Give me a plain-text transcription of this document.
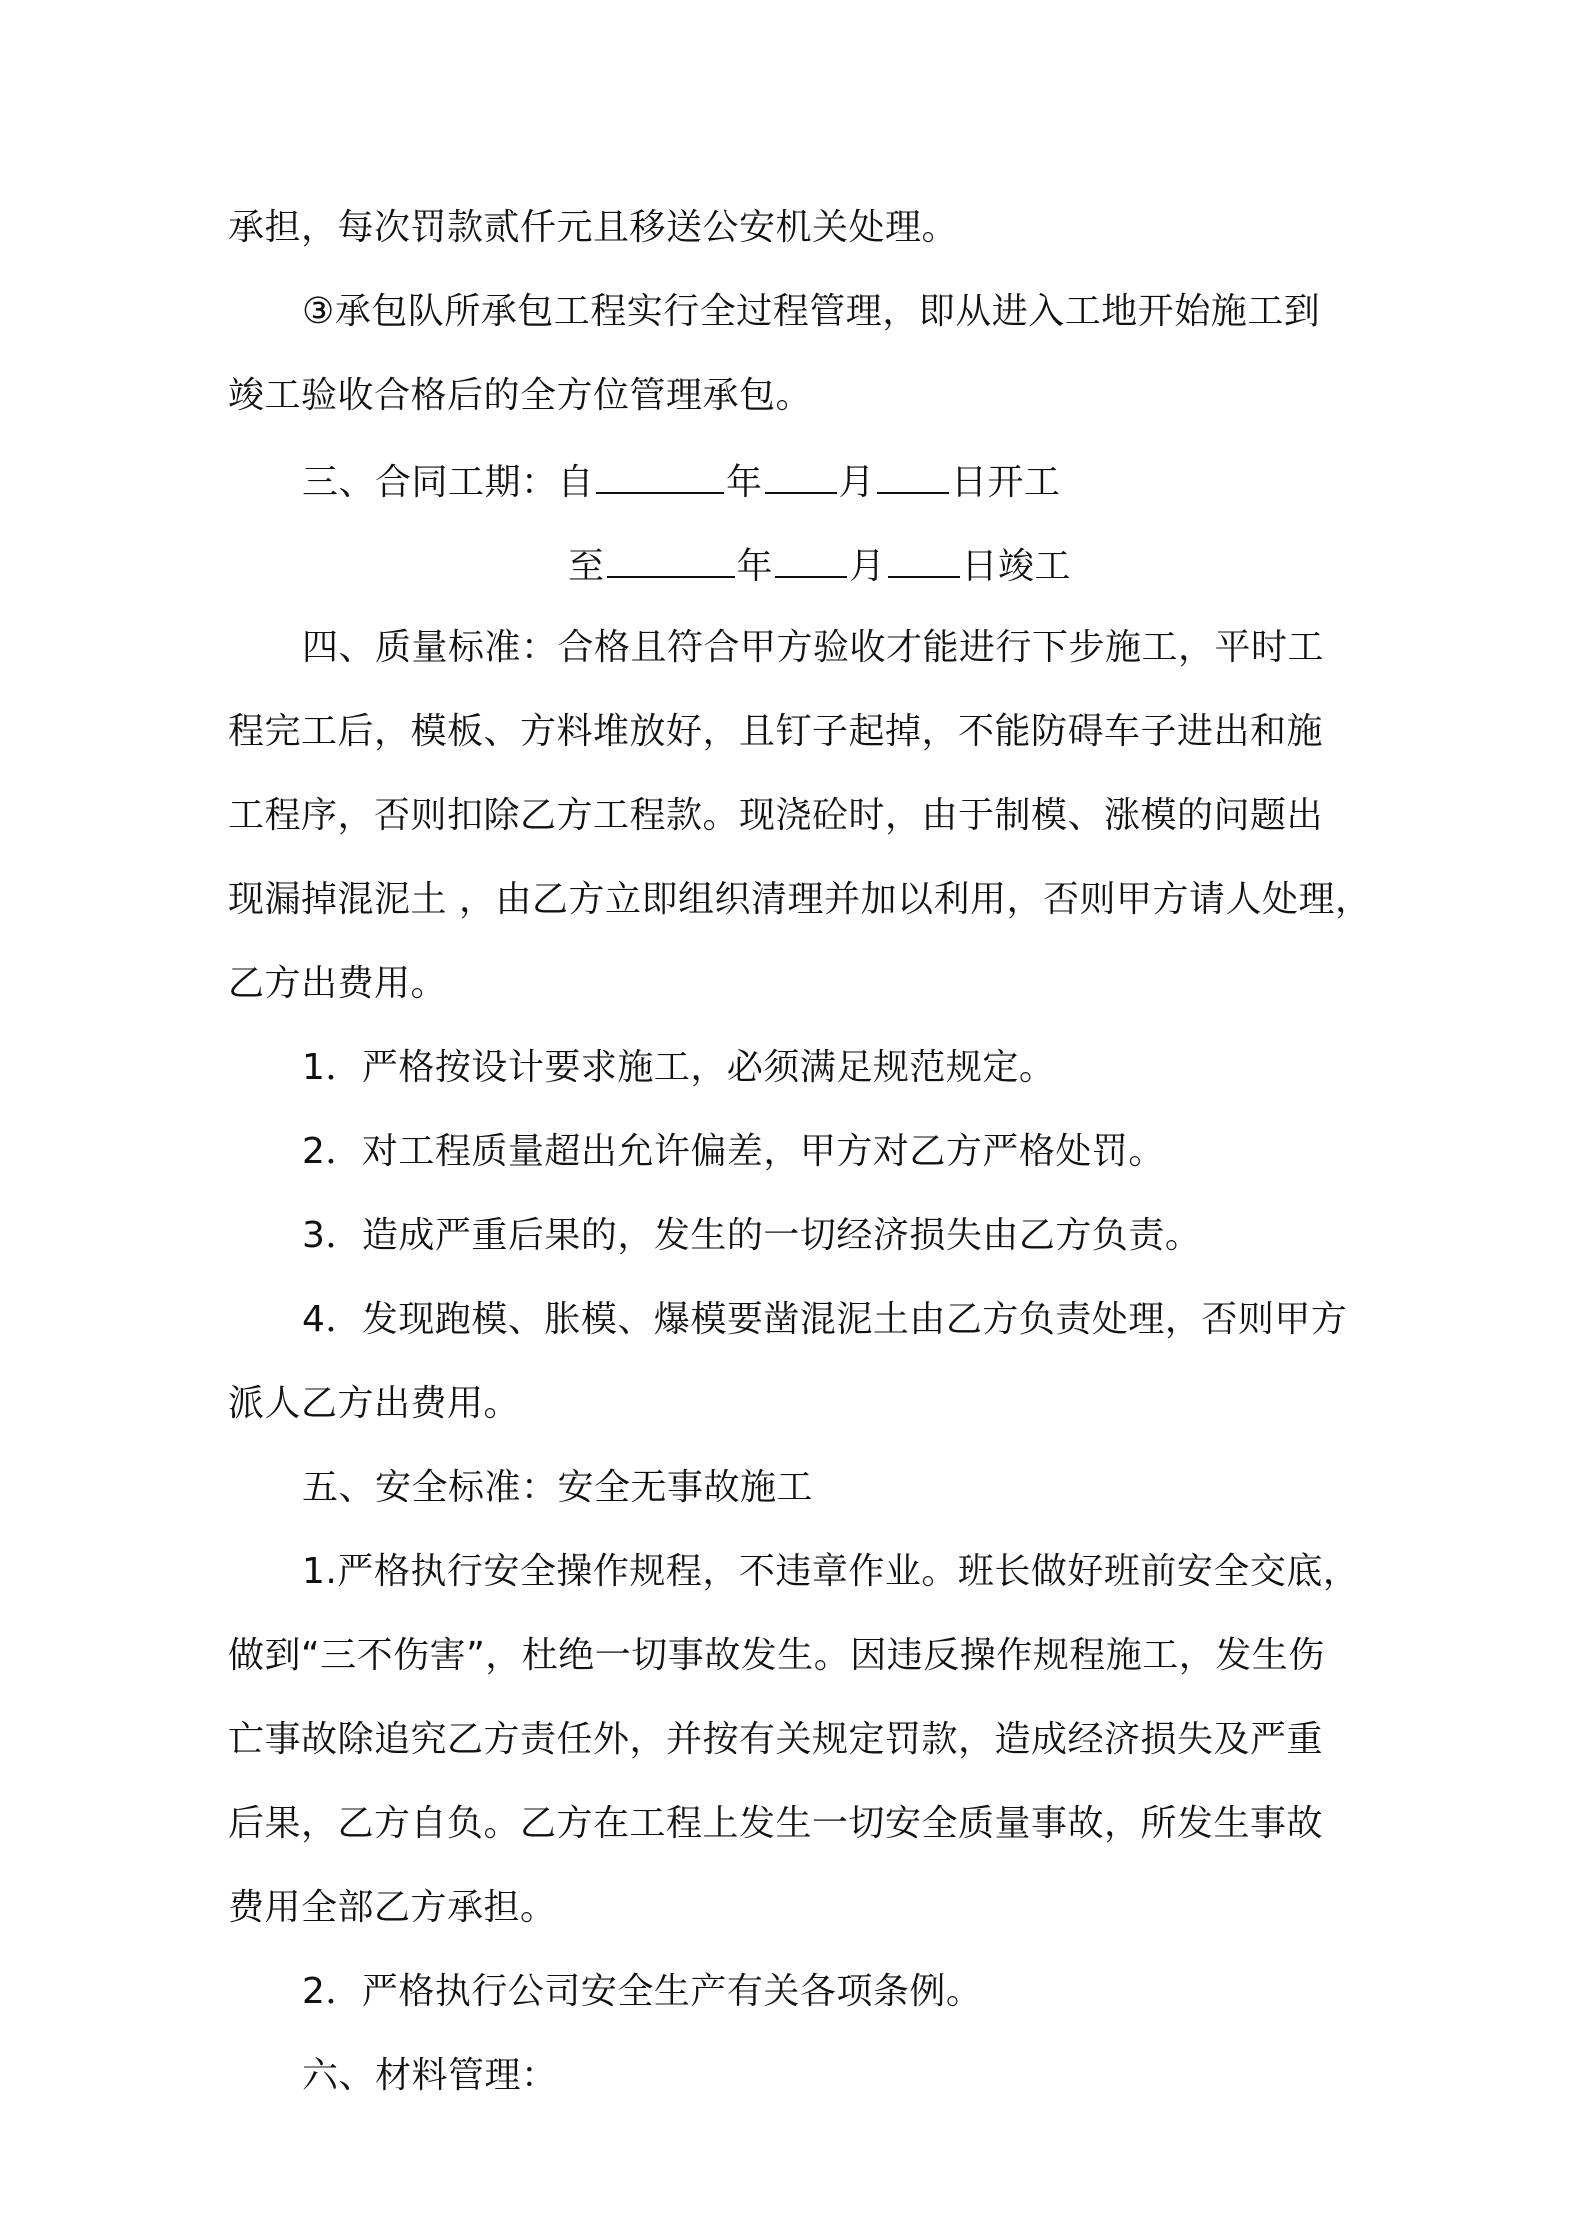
承担，每次罚款贰仟元且移送公安机关处理。
③承包队所承包工程实行全过程管理，即从进入工地开始施工到
竣工验收合格后的全方位管理承包。
三、合同工期：自	年 月 日开工
至	年 月 日竣工
四、质量标准：合格且符合甲方验收才能进行下步施工，平时工
程完工后，模板、方料堆放好，且钉子起掉，不能防碍车子进出和施
工程序，否则扣除乙方工程款。现浇砼时，由于制模、涨模的问题出
现漏掉混泥土 ，由乙方立即组织清理并加以利用，否则甲方请人处理，
乙方出费用。
1．严格按设计要求施工，必须满足规范规定。
2．对工程质量超出允许偏差，甲方对乙方严格处罚。
3．造成严重后果的，发生的一切经济损失由乙方负责。
4．发现跑模、胀模、爆模要凿混泥土由乙方负责处理，否则甲方
派人乙方出费用。
五、安全标准：安全无事故施工
1.严格执行安全操作规程，不违章作业。班长做好班前安全交底，
做到“三不伤害”，杜绝一切事故发生。因违反操作规程施工，发生伤
亡事故除追究乙方责任外，并按有关规定罚款，造成经济损失及严重
后果，乙方自负。乙方在工程上发生一切安全质量事故，所发生事故
费用全部乙方承担。
2．严格执行公司安全生产有关各项条例。
六、材料管理：
